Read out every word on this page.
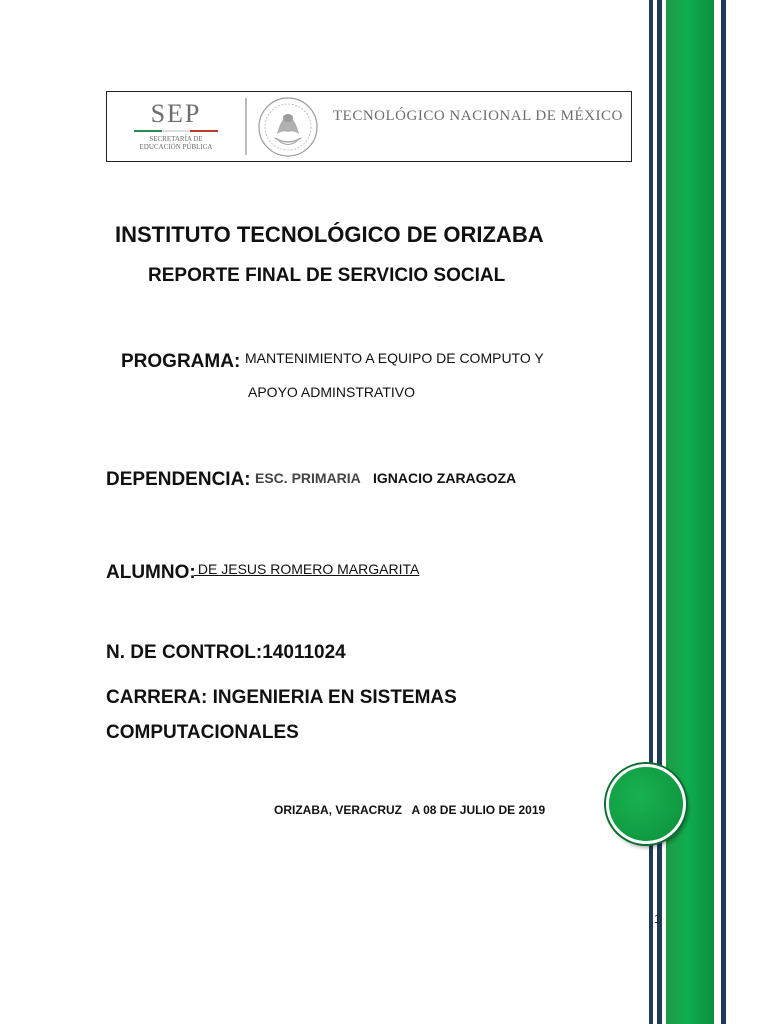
SEP
SECRETARÍA DE
EDUCACIÓN PÚBLICA
TECNOLÓGICO NACIONAL DE MÉXICO
INSTITUTO TECNOLÓGICO DE ORIZABA
REPORTE FINAL DE SERVICIO SOCIAL
PROGRAMA: MANTENIMIENTO A EQUIPO DE COMPUTO Y
APOYO ADMINSTRATIVO
DEPENDENCIA: ESC. PRIMARIA IGNACIO ZARAGOZA
ALUMNO:
DE JESUS ROMERO MARGARITA
N. DE CONTROL:14011024
CARRERA: INGENIERIA EN SISTEMAS
COMPUTACIONALES
ORIZABA, VERACRUZ   A 08 DE JULIO DE 2019
1
